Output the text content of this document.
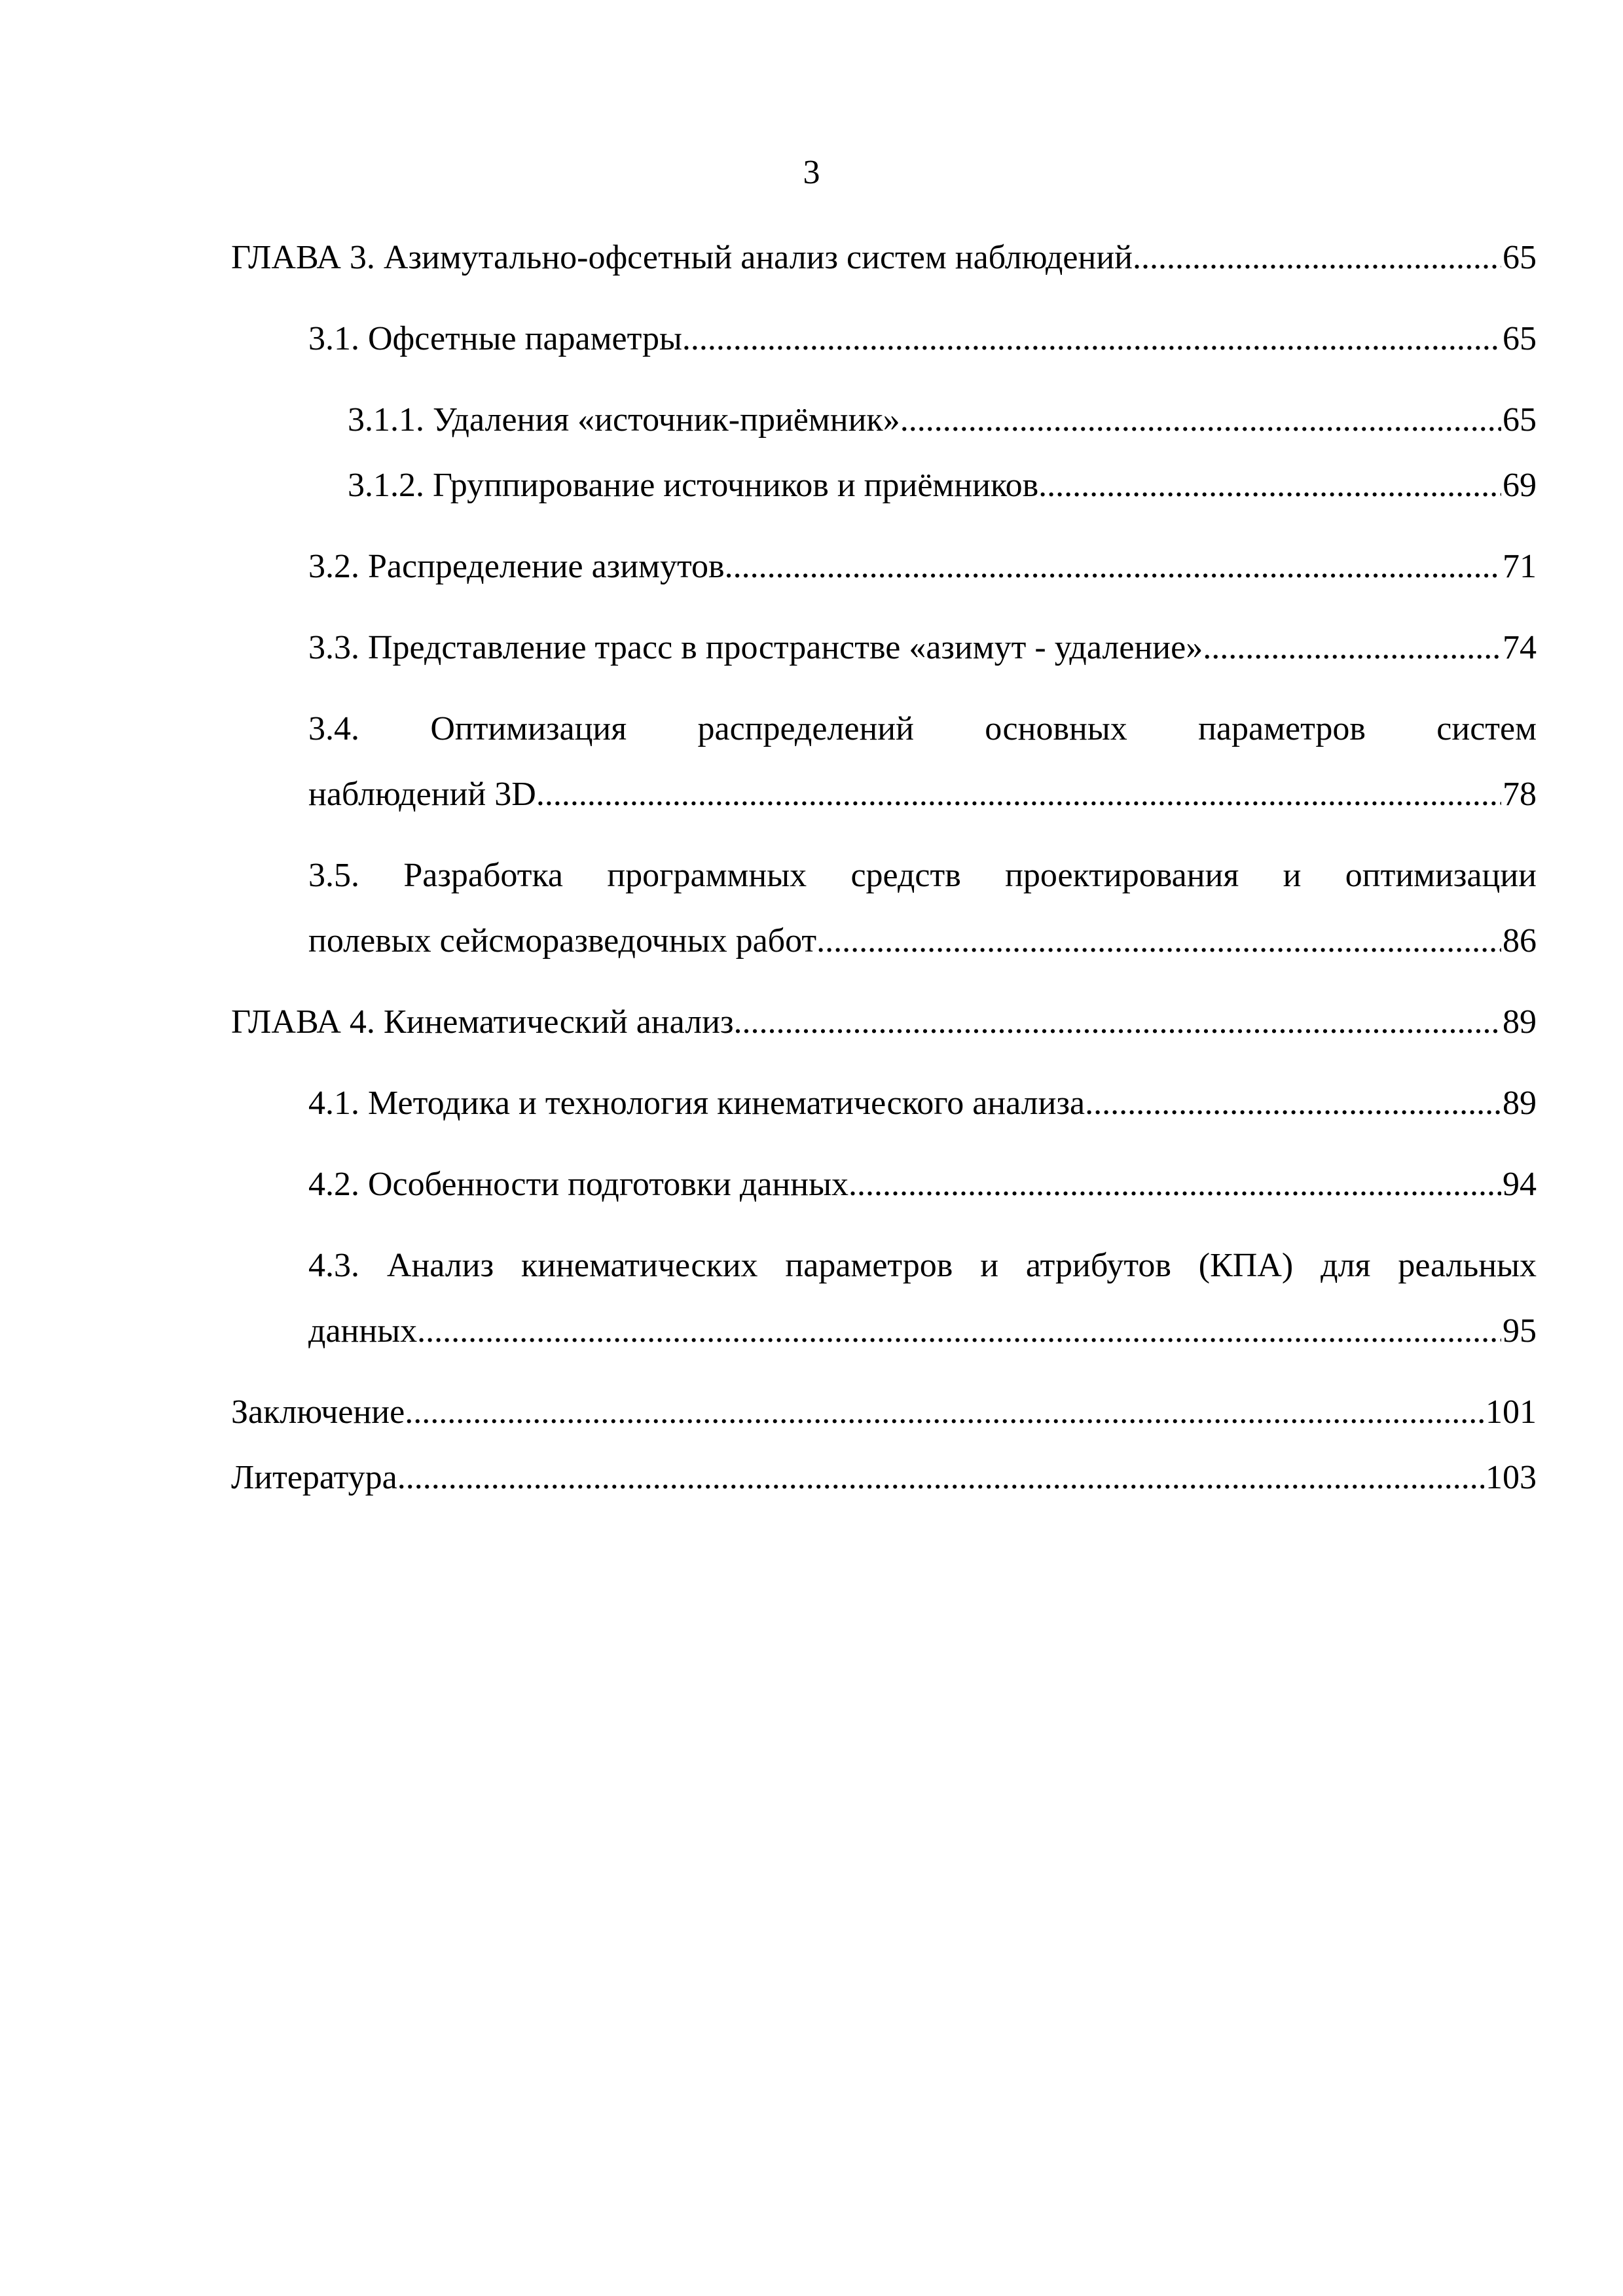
3
ГЛАВА 3. Азимутально-офсетный анализ систем наблюдений .....	65
3.1. Офсетные параметры .....	65
3.1.1. Удаления «источник-приёмник» .....	65
3.1.2. Группирование источников и приёмников .....	69
3.2. Распределение азимутов .....	71
3.3. Представление трасс в пространстве «азимут - удаление» .....	74
3.4.   Оптимизация   распределений   основных   параметров   систем
наблюдений 3D .....	78
3.5.  Разработка  программных  средств  проектирования  и  оптимизации
полевых сейсморазведочных работ .....	86
ГЛАВА 4. Кинематический анализ .....	89
4.1. Методика и технология кинематического анализа .....	89
4.2. Особенности подготовки данных .....	94
4.3.  Анализ  кинематических  параметров  и  атрибутов  (КПА)  для  реальных
данных .....	95
Заключение .....	101
Литература .....	103
